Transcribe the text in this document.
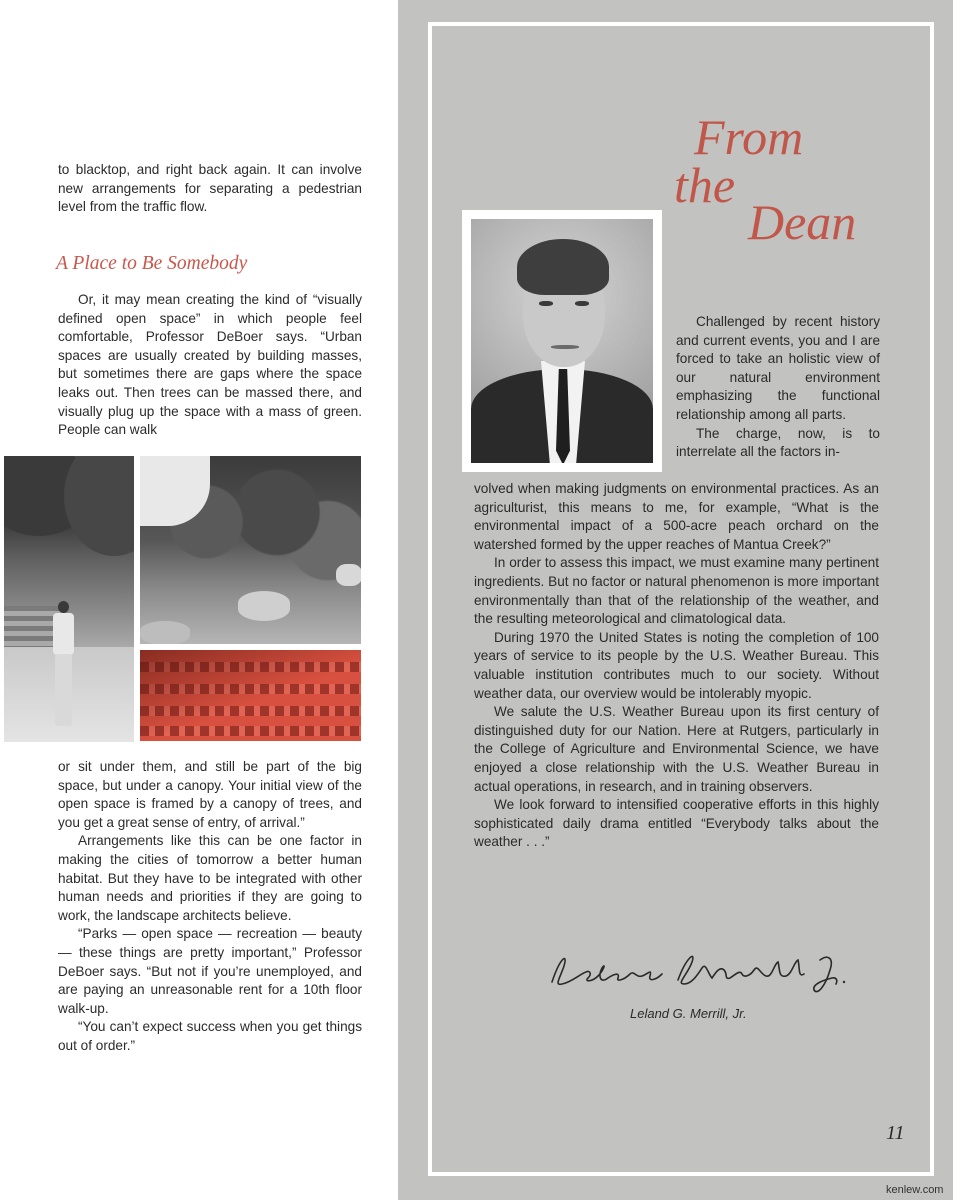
to blacktop, and right back again. It can involve new arrangements for separating a pedestrian level from the traffic flow.

A Place to Be Somebody

Or, it may mean creating the kind of “visually defined open space” in which people feel comfortable, Professor DeBoer says. “Urban spaces are usually created by building masses, but sometimes there are gaps where the space leaks out. Then trees can be massed there, and visually plug up the space with a mass of green. People can walk

or sit under them, and still be part of the big space, but under a canopy. Your initial view of the open space is framed by a canopy of trees, and you get a great sense of entry, of arrival.”

Arrangements like this can be one factor in making the cities of tomorrow a better human habitat. But they have to be integrated with other human needs and priorities if they are going to work, the landscape architects believe.

“Parks — open space — recreation — beauty — these things are pretty important,” Professor DeBoer says. “But not if you’re unemployed, and are paying an unreasonable rent for a 10th floor walk-up.

“You can’t expect success when you get things out of order.”

From
the
Dean

Challenged by recent history and current events, you and I are forced to take an holistic view of our natural environment emphasizing the functional relationship among all parts.

The charge, now, is to interrelate all the factors in-

volved when making judgments on environmental practices. As an agriculturist, this means to me, for example, “What is the environmental impact of a 500-acre peach orchard on the watershed formed by the upper reaches of Mantua Creek?”

In order to assess this impact, we must examine many pertinent ingredients. But no factor or natural phenomenon is more important environmentally than that of the relationship of the weather, and the resulting meteorological and climatological data.

During 1970 the United States is noting the completion of 100 years of service to its people by the U.S. Weather Bureau. This valuable institution contributes much to our society. Without weather data, our overview would be intolerably myopic.

We salute the U.S. Weather Bureau upon its first century of distinguished duty for our Nation. Here at Rutgers, particularly in the College of Agriculture and Environmental Science, we have enjoyed a close relationship with the U.S. Weather Bureau in actual operations, in research, and in training observers.

We look forward to intensified cooperative efforts in this highly sophisticated daily drama entitled “Everybody talks about the weather . . .”

Leland G. Merrill, Jr.
11
kenlew.com
